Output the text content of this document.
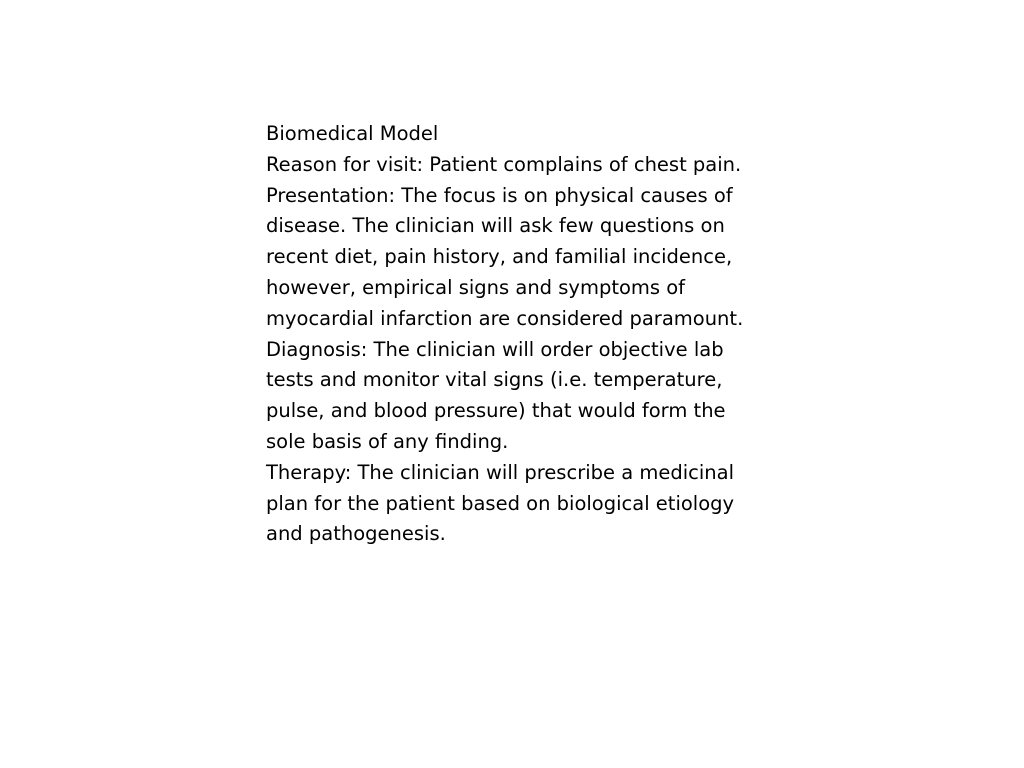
Biomedical Model

Reason for visit: Patient complains of chest pain.

Presentation: The focus is on physical causes of disease. The clinician will ask few questions on recent diet, pain history, and familial incidence, however, empirical signs and symptoms of myocardial infarction are considered paramount.

Diagnosis: The clinician will order objective lab tests and monitor vital signs (i.e. temperature, pulse, and blood pressure) that would form the sole basis of any finding.

Therapy: The clinician will prescribe a medicinal plan for the patient based on biological etiology and pathogenesis.
